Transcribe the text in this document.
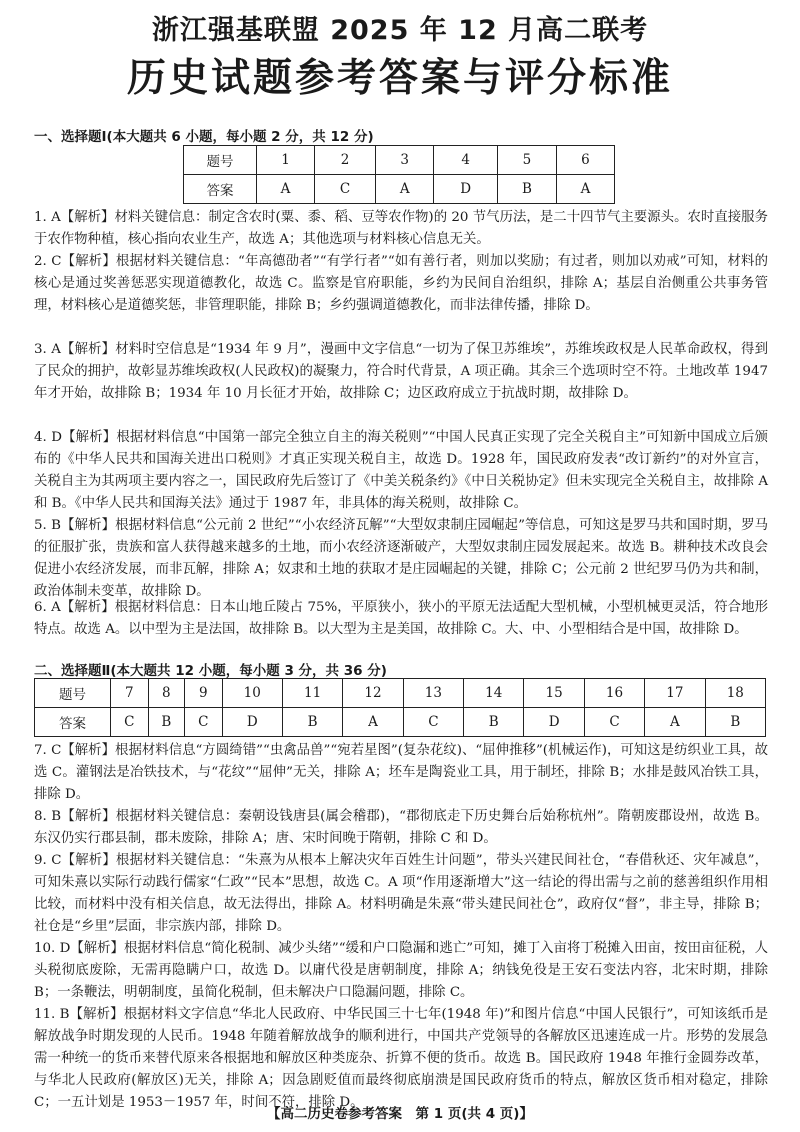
浙江强基联盟 2025 年 12 月高二联考
历史试题参考答案与评分标准
一、选择题Ⅰ(本大题共 6 小题，每小题 2 分，共 12 分)
题号	1	2	3	4	5	6
答案	A	C	A	D	B	A
1. A【解析】材料关键信息：制定含农时(粟、黍、稻、豆等农作物)的 20 节气历法，是二十四节气主要源头。农时直接服务于农作物种植，核心指向农业生产，故选 A；其他选项与材料核心信息无关。
2. C【解析】根据材料关键信息：“年高德劭者”“有学行者”“如有善行者，则加以奖励；有过者，则加以劝戒”可知，材料的核心是通过奖善惩恶实现道德教化，故选 C。监察是官府职能，乡约为民间自治组织，排除 A；基层自治侧重公共事务管理，材料核心是道德奖惩，非管理职能，排除 B；乡约强调道德教化，而非法律传播，排除 D。
3. A【解析】材料时空信息是“1934 年 9 月”，漫画中文字信息“一切为了保卫苏维埃”，苏维埃政权是人民革命政权，得到了民众的拥护，故彰显苏维埃政权(人民政权)的凝聚力，符合时代背景，A 项正确。其余三个选项时空不符。土地改革 1947 年才开始，故排除 B；1934 年 10 月长征才开始，故排除 C；边区政府成立于抗战时期，故排除 D。
4. D【解析】根据材料信息“中国第一部完全独立自主的海关税则”“中国人民真正实现了完全关税自主”可知新中国成立后颁布的《中华人民共和国海关进出口税则》才真正实现关税自主，故选 D。1928 年，国民政府发表“改订新约”的对外宣言，关税自主为其两项主要内容之一，国民政府先后签订了《中美关税条约》《中日关税协定》但未实现完全关税自主，故排除 A 和 B。《中华人民共和国海关法》通过于 1987 年，非具体的海关税则，故排除 C。
5. B【解析】根据材料信息“公元前 2 世纪”“小农经济瓦解”“大型奴隶制庄园崛起”等信息，可知这是罗马共和国时期，罗马的征服扩张，贵族和富人获得越来越多的土地，而小农经济逐渐破产，大型奴隶制庄园发展起来。故选 B。耕种技术改良会促进小农经济发展，而非瓦解，排除 A；奴隶和土地的获取才是庄园崛起的关键，排除 C；公元前 2 世纪罗马仍为共和制，政治体制未变革，故排除 D。
6. A【解析】根据材料信息：日本山地丘陵占 75%，平原狭小，狭小的平原无法适配大型机械，小型机械更灵活，符合地形特点。故选 A。以中型为主是法国，故排除 B。以大型为主是美国，故排除 C。大、中、小型相结合是中国，故排除 D。
二、选择题Ⅱ(本大题共 12 小题，每小题 3 分，共 36 分)
题号	7	8	9	10	11	12	13	14	15	16	17	18
答案	C	B	C	D	B	A	C	B	D	C	A	B
7. C【解析】根据材料信息“方圆绮错”“虫禽品兽”“宛若星图”(复杂花纹)、“屈伸推移”(机械运作)，可知这是纺织业工具，故选 C。灌钢法是冶铁技术，与“花纹”“屈伸”无关，排除 A；坯车是陶瓷业工具，用于制坯，排除 B；水排是鼓风冶铁工具，排除 D。
8. B【解析】根据材料关键信息：秦朝设钱唐县(属会稽郡)，“郡彻底走下历史舞台后始称杭州”。隋朝废郡设州，故选 B。东汉仍实行郡县制，郡未废除，排除 A；唐、宋时间晚于隋朝，排除 C 和 D。
9. C【解析】根据材料关键信息：“朱熹为从根本上解决灾年百姓生计问题”，带头兴建民间社仓，“春借秋还、灾年减息”，可知朱熹以实际行动践行儒家“仁政”“民本”思想，故选 C。A 项“作用逐渐增大”这一结论的得出需与之前的慈善组织作用相比较，而材料中没有相关信息，故无法得出，排除 A。材料明确是朱熹“带头建民间社仓”，政府仅“督”，非主导，排除 B；社仓是“乡里”层面，非宗族内部，排除 D。
10. D【解析】根据材料信息“简化税制、减少头绪”“缓和户口隐漏和逃亡”可知，摊丁入亩将丁税摊入田亩，按田亩征税，人头税彻底废除，无需再隐瞒户口，故选 D。以庸代役是唐朝制度，排除 A；纳钱免役是王安石变法内容，北宋时期，排除 B；一条鞭法，明朝制度，虽简化税制，但未解决户口隐漏问题，排除 C。
11. B【解析】根据材料文字信息“华北人民政府、中华民国三十七年(1948 年)”和图片信息“中国人民银行”，可知该纸币是解放战争时期发现的人民币。1948 年随着解放战争的顺利进行，中国共产党领导的各解放区迅速连成一片。形势的发展急需一种统一的货币来替代原来各根据地和解放区种类庞杂、折算不便的货币。故选 B。国民政府 1948 年推行金圆券改革，与华北人民政府(解放区)无关，排除 A；因急剧贬值而最终彻底崩溃是国民政府货币的特点，解放区货币相对稳定，排除 C；一五计划是 1953－1957 年，时间不符，排除 D。
【高二历史卷参考答案　第 1 页(共 4 页)】
